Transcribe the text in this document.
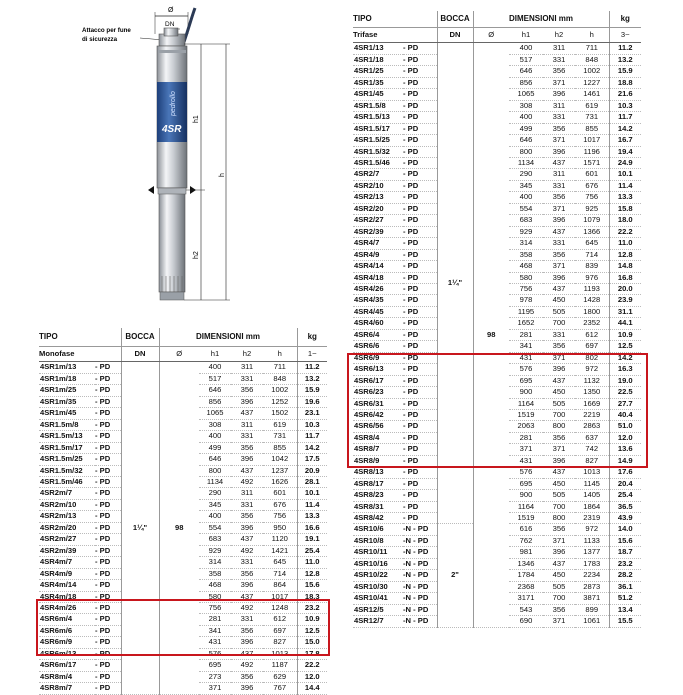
Ø
DN
Attacco per fune
di sicurezza
pedrollo
4SR
h1
h
h2
TIPO		BOCCA	DIMENSIONI mm				kg
Monofase		DN	Ø	h1	h2	h	1~
4SR1m/13	- PD	1¼"	98	400	311	711	11.2
4SR1m/18	- PD			517	331	848	13.2
4SR1m/25	- PD			646	356	1002	15.9
4SR1m/35	- PD			856	396	1252	19.6
4SR1m/45	- PD			1065	437	1502	23.1
4SR1.5m/8	- PD			308	311	619	10.3
4SR1.5m/13	- PD			400	331	731	11.7
4SR1.5m/17	- PD			499	356	855	14.2
4SR1.5m/25	- PD			646	396	1042	17.5
4SR1.5m/32	- PD			800	437	1237	20.9
4SR1.5m/46	- PD			1134	492	1626	28.1
4SR2m/7	- PD			290	311	601	10.1
4SR2m/10	- PD			345	331	676	11.4
4SR2m/13	- PD			400	356	756	13.3
4SR2m/20	- PD			554	396	950	16.6
4SR2m/27	- PD			683	437	1120	19.1
4SR2m/39	- PD			929	492	1421	25.4
4SR4m/7	- PD			314	331	645	11.0
4SR4m/9	- PD			358	356	714	12.8
4SR4m/14	- PD			468	396	864	15.6
4SR4m/18	- PD			580	437	1017	18.3
4SR4m/26	- PD			756	492	1248	23.2
4SR6m/4	- PD			281	331	612	10.9
4SR6m/6	- PD			341	356	697	12.5
4SR6m/9	- PD			431	396	827	15.0
4SR6m/13	- PD			576	437	1013	17.8
4SR6m/17	- PD			695	492	1187	22.2
4SR8m/4	- PD			273	356	629	12.0
4SR8m/7	- PD			371	396	767	14.4
TIPO		BOCCA	DIMENSIONI mm				kg
Trifase		DN	Ø	h1	h2	h	3~
4SR1/13	- PD	1¼"	98	400	311	711	11.2
4SR1/18	- PD			517	331	848	13.2
4SR1/25	- PD			646	356	1002	15.9
4SR1/35	- PD			856	371	1227	18.8
4SR1/45	- PD			1065	396	1461	21.6
4SR1.5/8	- PD			308	311	619	10.3
4SR1.5/13	- PD			400	331	731	11.7
4SR1.5/17	- PD			499	356	855	14.2
4SR1.5/25	- PD			646	371	1017	16.7
4SR1.5/32	- PD			800	396	1196	19.4
4SR1.5/46	- PD			1134	437	1571	24.9
4SR2/7	- PD			290	311	601	10.1
4SR2/10	- PD			345	331	676	11.4
4SR2/13	- PD			400	356	756	13.3
4SR2/20	- PD			554	371	925	15.8
4SR2/27	- PD			683	396	1079	18.0
4SR2/39	- PD			929	437	1366	22.2
4SR4/7	- PD			314	331	645	11.0
4SR4/9	- PD			358	356	714	12.8
4SR4/14	- PD			468	371	839	14.8
4SR4/18	- PD			580	396	976	16.8
4SR4/26	- PD			756	437	1193	20.0
4SR4/35	- PD			978	450	1428	23.9
4SR4/45	- PD			1195	505	1800	31.1
4SR4/60	- PD			1652	700	2352	44.1
4SR6/4	- PD			281	331	612	10.9
4SR6/6	- PD			341	356	697	12.5
4SR6/9	- PD			431	371	802	14.2
4SR6/13	- PD			576	396	972	16.3
4SR6/17	- PD			695	437	1132	19.0
4SR6/23	- PD			900	450	1350	22.5
4SR6/31	- PD			1164	505	1669	27.7
4SR6/42	- PD			1519	700	2219	40.4
4SR6/56	- PD			2063	800	2863	51.0
4SR8/4	- PD			281	356	637	12.0
4SR8/7	- PD			371	371	742	13.6
4SR8/9	- PD			431	396	827	14.9
4SR8/13	- PD			576	437	1013	17.6
4SR8/17	- PD			695	450	1145	20.4
4SR8/23	- PD			900	505	1405	25.4
4SR8/31	- PD			1164	700	1864	36.5
4SR8/42	- PD			1519	800	2319	43.9
4SR10/6	-N - PD	2"		616	356	972	14.0
4SR10/8	-N - PD			762	371	1133	15.6
4SR10/11	-N - PD			981	396	1377	18.7
4SR10/16	-N - PD			1346	437	1783	23.2
4SR10/22	-N - PD			1784	450	2234	28.2
4SR10/30	-N - PD			2368	505	2873	36.1
4SR10/41	-N - PD			3171	700	3871	51.2
4SR12/5	-N - PD			543	356	899	13.4
4SR12/7	-N - PD			690	371	1061	15.5
